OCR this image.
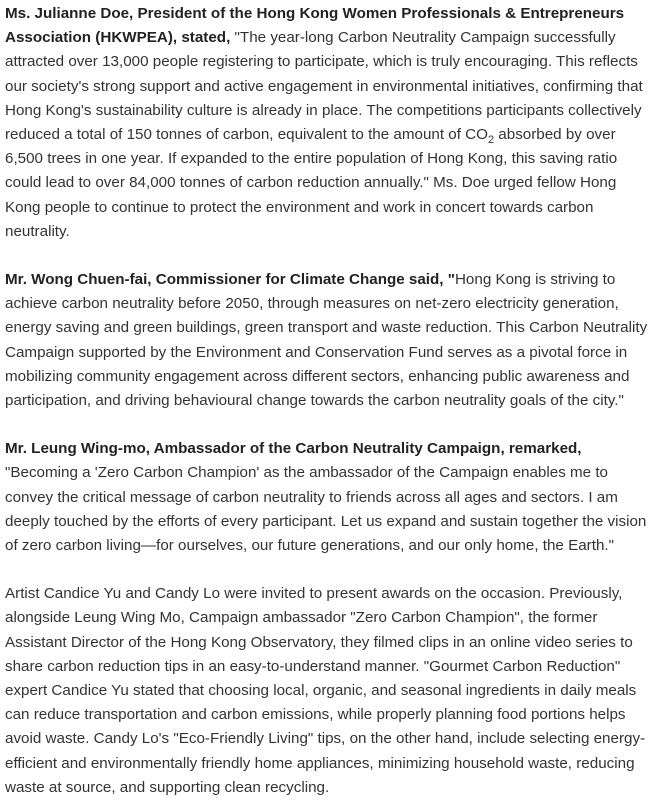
Ms. Julianne Doe, President of the Hong Kong Women Professionals & Entrepreneurs Association (HKWPEA), stated, "The year-long Carbon Neutrality Campaign successfully attracted over 13,000 people registering to participate, which is truly encouraging. This reflects our society's strong support and active engagement in environmental initiatives, confirming that Hong Kong's sustainability culture is already in place. The competitions participants collectively reduced a total of 150 tonnes of carbon, equivalent to the amount of $CO_2$ absorbed by over 6,500 trees in one year. If expanded to the entire population of Hong Kong, this saving ratio could lead to over 84,000 tonnes of carbon reduction annually." Ms. Doe urged fellow Hong Kong people to continue to protect the environment and work in concert towards carbon neutrality.

Mr. Wong Chuen-fai, Commissioner for Climate Change said, "Hong Kong is striving to achieve carbon neutrality before 2050, through measures on net-zero electricity generation, energy saving and green buildings, green transport and waste reduction. This Carbon Neutrality Campaign supported by the Environment and Conservation Fund serves as a pivotal force in mobilizing community engagement across different sectors, enhancing public awareness and participation, and driving behavioural change towards the carbon neutrality goals of the city."

Mr. Leung Wing-mo, Ambassador of the Carbon Neutrality Campaign, remarked, "Becoming a 'Zero Carbon Champion' as the ambassador of the Campaign enables me to convey the critical message of carbon neutrality to friends across all ages and sectors. I am deeply touched by the efforts of every participant. Let us expand and sustain together the vision of zero carbon living—for ourselves, our future generations, and our only home, the Earth."

Artist Candice Yu and Candy Lo were invited to present awards on the occasion. Previously, alongside Leung Wing Mo, Campaign ambassador "Zero Carbon Champion", the former Assistant Director of the Hong Kong Observatory, they filmed clips in an online video series to share carbon reduction tips in an easy-to-understand manner. "Gourmet Carbon Reduction" expert Candice Yu stated that choosing local, organic, and seasonal ingredients in daily meals can reduce transportation and carbon emissions, while properly planning food portions helps avoid waste. Candy Lo's "Eco-Friendly Living" tips, on the other hand, include selecting energy-efficient and environmentally friendly home appliances, minimizing household waste, reducing waste at source, and supporting clean recycling.
